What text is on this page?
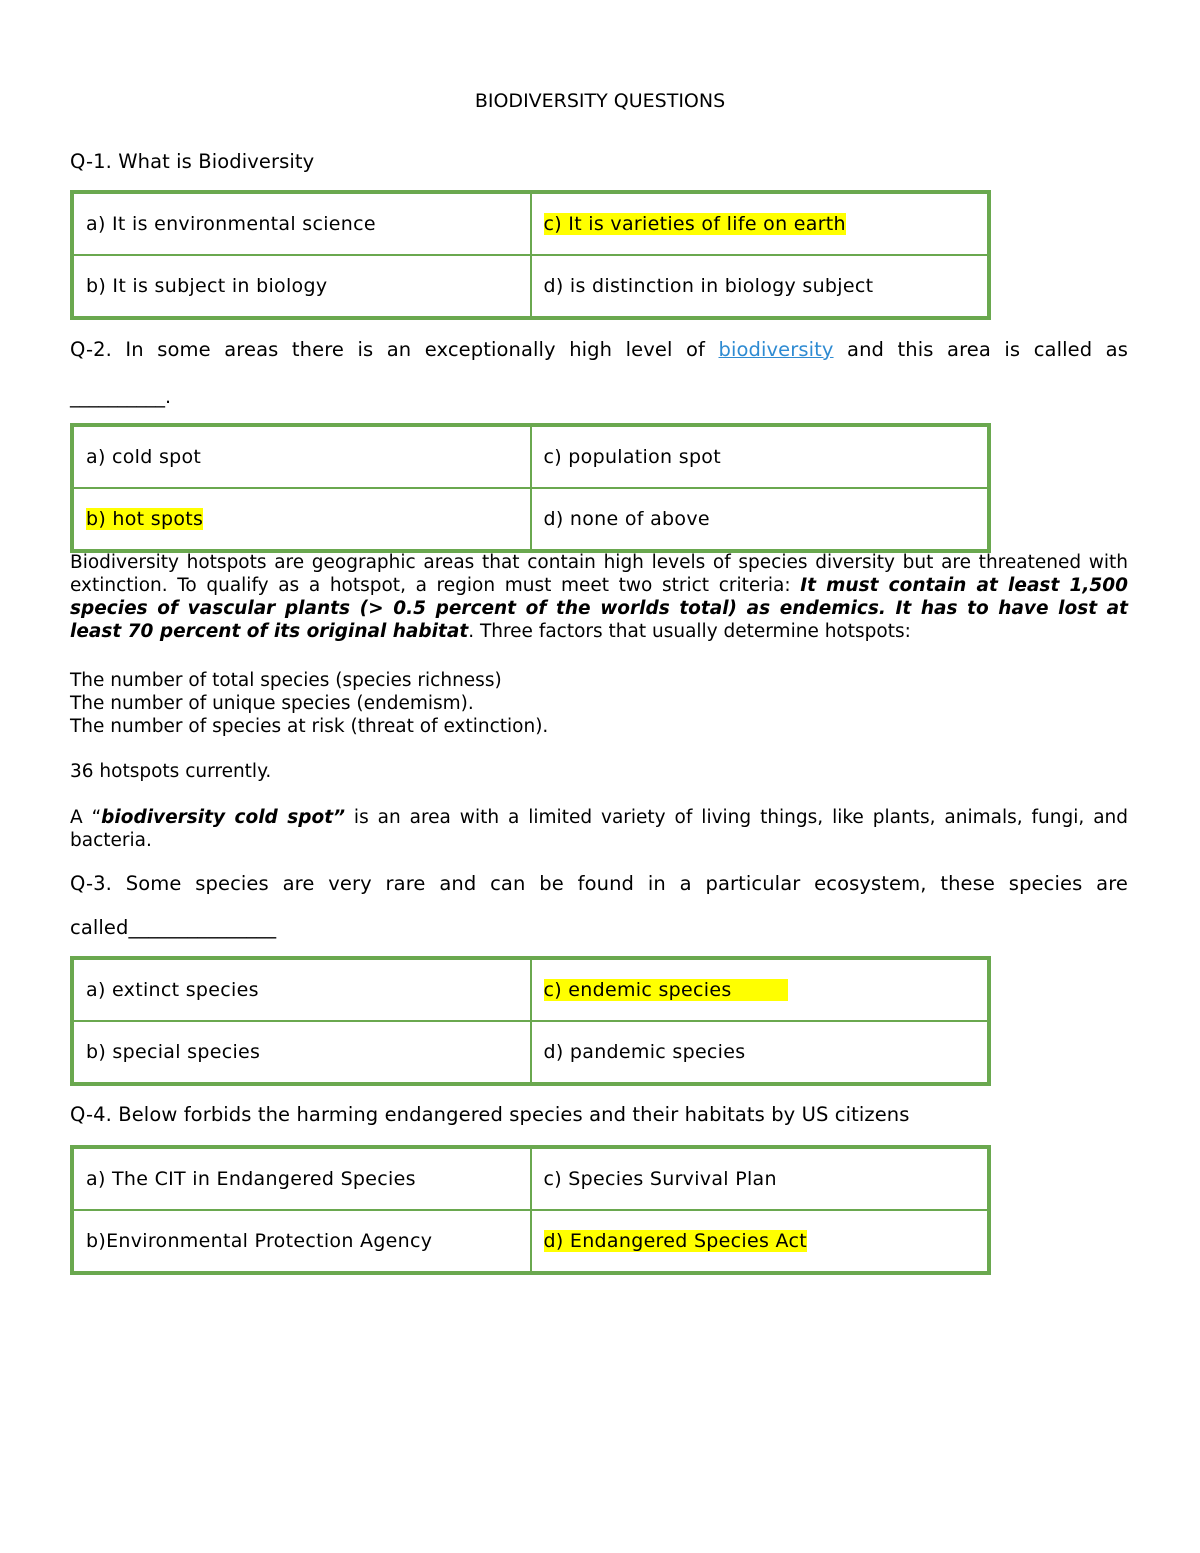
BIODIVERSITY QUESTIONS
Q-1. What is Biodiversity
a) It is environmental science	c) It is varieties of life on earth
b) It is subject in biology	d) is distinction in biology subject
Q-2. In some areas there is an exceptionally high level of biodiversity and this area is called as
__________.
a) cold spot	c) population spot
b) hot spots	d) none of above
Biodiversity hotspots are geographic areas that contain high levels of species diversity but are threatened with extinction. To qualify as a hotspot, a region must meet two strict criteria: It must contain at least 1,500 species of vascular plants (> 0.5 percent of the worlds total) as endemics. It has to have lost at least 70 percent of its original habitat. Three factors that usually determine hotspots:
The number of total species (species richness)
The number of unique species (endemism).
The number of species at risk (threat of extinction).
36 hotspots currently.
A “biodiversity cold spot” is an area with a limited variety of living things, like plants, animals, fungi, and bacteria.
Q-3. Some species are very rare and can be found in a particular ecosystem, these species are
called_______________
a) extinct species	c) endemic species
b) special species	d) pandemic species
Q-4. Below forbids the harming endangered species and their habitats by US citizens
a) The CIT in Endangered Species	c) Species Survival Plan
b)Environmental Protection Agency	d) Endangered Species Act
